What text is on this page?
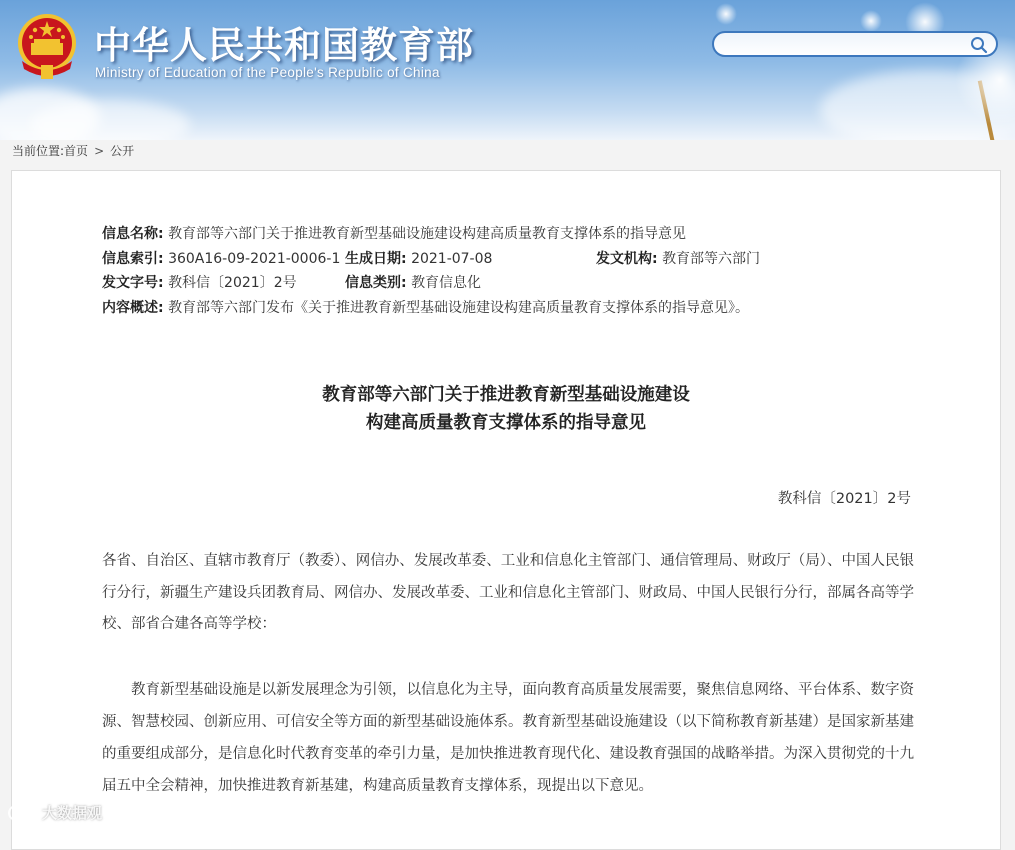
中华人民共和国教育部
Ministry of Education of the People's Republic of China
当前位置:首页 > 公开
信息名称: 教育部等六部门关于推进教育新型基础设施建设构建高质量教育支撑体系的指导意见
信息索引: 360A16-09-2021-0006-1 生成日期: 2021-07-08	发文机构: 教育部等六部门
发文字号: 教科信〔2021〕2号	信息类别: 教育信息化
内容概述: 教育部等六部门发布《关于推进教育新型基础设施建设构建高质量教育支撑体系的指导意见》。
教育部等六部门关于推进教育新型基础设施建设
构建高质量教育支撑体系的指导意见
教科信〔2021〕2号
各省、自治区、直辖市教育厅（教委）、网信办、发展改革委、工业和信息化主管部门、通信管理局、财政厅（局）、中国人民银行分行，新疆生产建设兵团教育局、网信办、发展改革委、工业和信息化主管部门、财政局、中国人民银行分行，部属各高等学校、部省合建各高等学校：
教育新型基础设施是以新发展理念为引领，以信息化为主导，面向教育高质量发展需要，聚焦信息网络、平台体系、数字资源、智慧校园、创新应用、可信安全等方面的新型基础设施体系。教育新型基础设施建设（以下简称教育新基建）是国家新基建的重要组成部分，是信息化时代教育变革的牵引力量，是加快推进教育现代化、建设教育强国的战略举措。为深入贯彻党的十九届五中全会精神，加快推进教育新基建，构建高质量教育支撑体系，现提出以下意见。
大数据观
